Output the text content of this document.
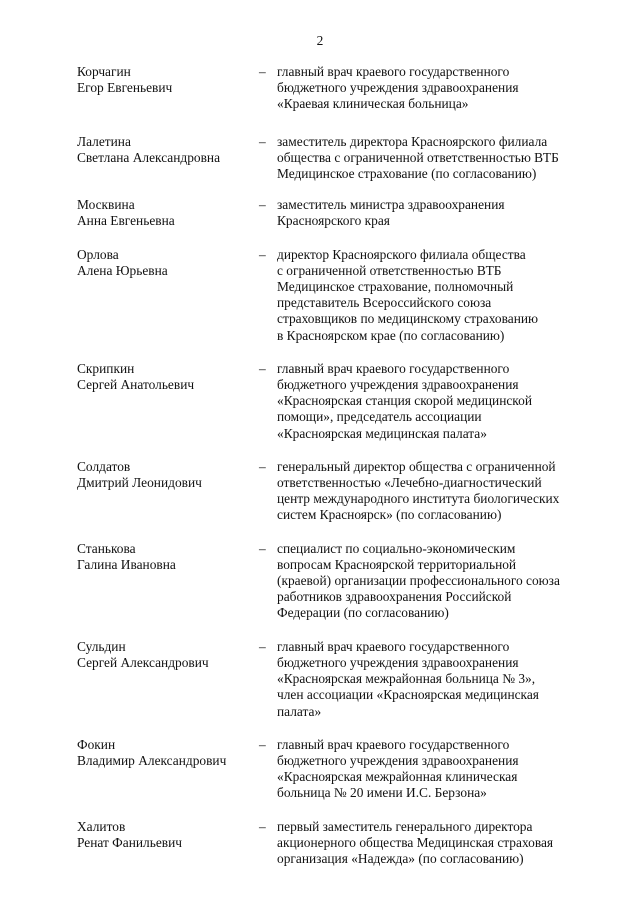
2
Корчагин
Егор Евгеньевич
– главный врач краевого государственного
бюджетного учреждения здравоохранения
«Краевая клиническая больница»
Лалетина
Светлана Александровна
– заместитель директора Красноярского филиала
общества с ограниченной ответственностью ВТБ
Медицинское страхование (по согласованию)
Москвина
Анна Евгеньевна
– заместитель министра здравоохранения
Красноярского края
Орлова
Алена Юрьевна
– директор Красноярского филиала общества
с ограниченной ответственностью ВТБ
Медицинское страхование, полномочный
представитель Всероссийского союза
страховщиков по медицинскому страхованию
в Красноярском крае (по согласованию)
Скрипкин
Сергей Анатольевич
– главный врач краевого государственного
бюджетного учреждения здравоохранения
«Красноярская станция скорой медицинской
помощи», председатель ассоциации
«Красноярская медицинская палата»
Солдатов
Дмитрий Леонидович
– генеральный директор общества с ограниченной
ответственностью «Лечебно-диагностический
центр международного института биологических
систем Красноярск» (по согласованию)
Станькова
Галина Ивановна
– специалист по социально-экономическим
вопросам Красноярской территориальной
(краевой) организации профессионального союза
работников здравоохранения Российской
Федерации (по согласованию)
Сульдин
Сергей Александрович
– главный врач краевого государственного
бюджетного учреждения здравоохранения
«Красноярская межрайонная больница № 3»,
член ассоциации «Красноярская медицинская
палата»
Фокин
Владимир Александрович
– главный врач краевого государственного
бюджетного учреждения здравоохранения
«Красноярская межрайонная клиническая
больница № 20 имени И.С. Берзона»
Халитов
Ренат Фанильевич
– первый заместитель генерального директора
акционерного общества Медицинская страховая
организация «Надежда» (по согласованию)
